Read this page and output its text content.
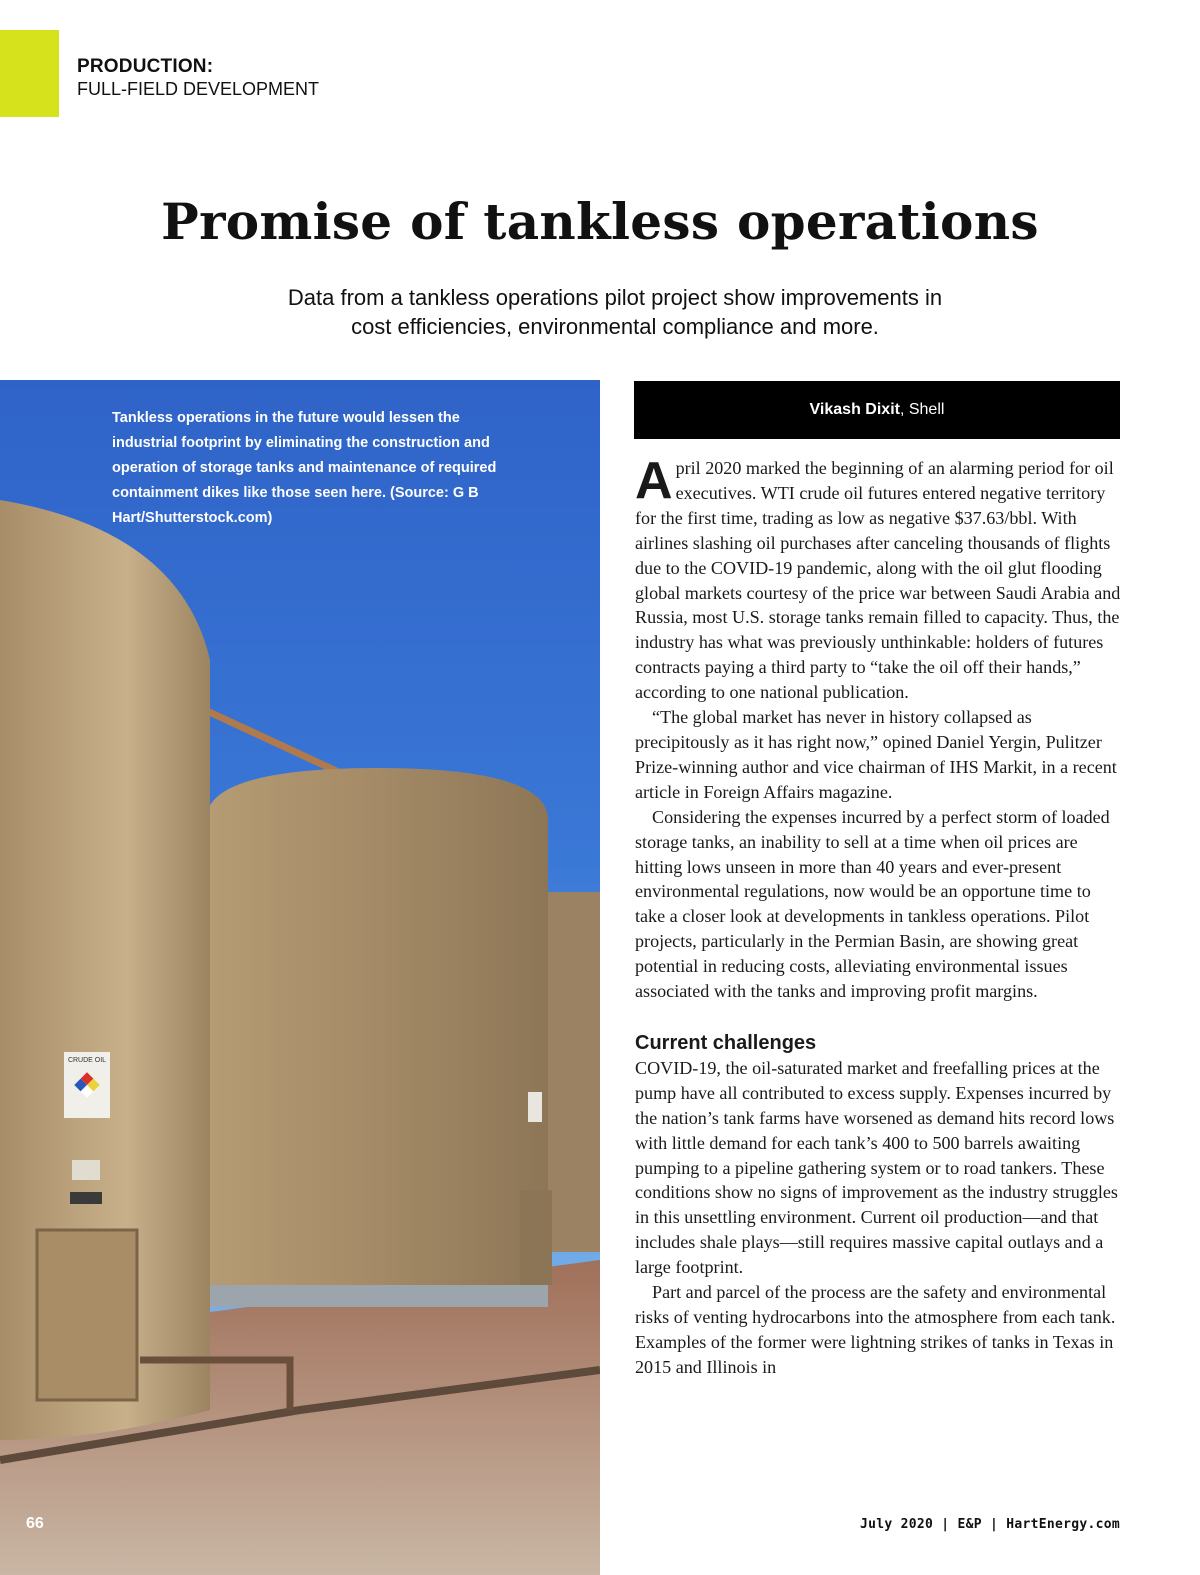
PRODUCTION:
FULL-FIELD DEVELOPMENT
Promise of tankless operations

Data from a tankless operations pilot project show improvements in
cost efficiencies, environmental compliance and more.

CRUDE OIL

Tankless operations in the future would lessen the industrial footprint by eliminating the construction and operation of storage tanks and maintenance of required containment dikes like those seen here. (Source: G B Hart/Shutterstock.com)

66
Vikash Dixit, Shell

April 2020 marked the beginning of an alarming period for oil executives. WTI crude oil futures entered negative territory for the first time, trading as low as negative $37.63/bbl. With airlines slashing oil purchases after canceling thousands of flights due to the COVID-19 pandemic, along with the oil glut flooding global markets courtesy of the price war between Saudi Arabia and Russia, most U.S. storage tanks remain filled to capacity. Thus, the industry has what was previously unthinkable: holders of futures contracts paying a third party to “take the oil off their hands,” according to one national publication.

“The global market has never in history collapsed as precipitously as it has right now,” opined Daniel Yergin, Pulitzer Prize-winning author and vice chairman of IHS Markit, in a recent article in Foreign Affairs magazine.

Considering the expenses incurred by a perfect storm of loaded storage tanks, an inability to sell at a time when oil prices are hitting lows unseen in more than 40 years and ever-present environmental regulations, now would be an opportune time to take a closer look at developments in tankless operations. Pilot projects, particularly in the Permian Basin, are showing great potential in reducing costs, alleviating environmental issues associated with the tanks and improving profit margins.

Current challenges

COVID-19, the oil-saturated market and freefalling prices at the pump have all contributed to excess supply. Expenses incurred by the nation’s tank farms have worsened as demand hits record lows with little demand for each tank’s 400 to 500 barrels awaiting pumping to a pipeline gathering system or to road tankers. These conditions show no signs of improvement as the industry struggles in this unsettling environment. Current oil production—and that includes shale plays—still requires massive capital outlays and a large footprint.

Part and parcel of the process are the safety and environmental risks of venting hydrocarbons into the atmosphere from each tank. Examples of the former were lightning strikes of tanks in Texas in 2015 and Illinois in

July 2020 | E&P | HartEnergy.com
